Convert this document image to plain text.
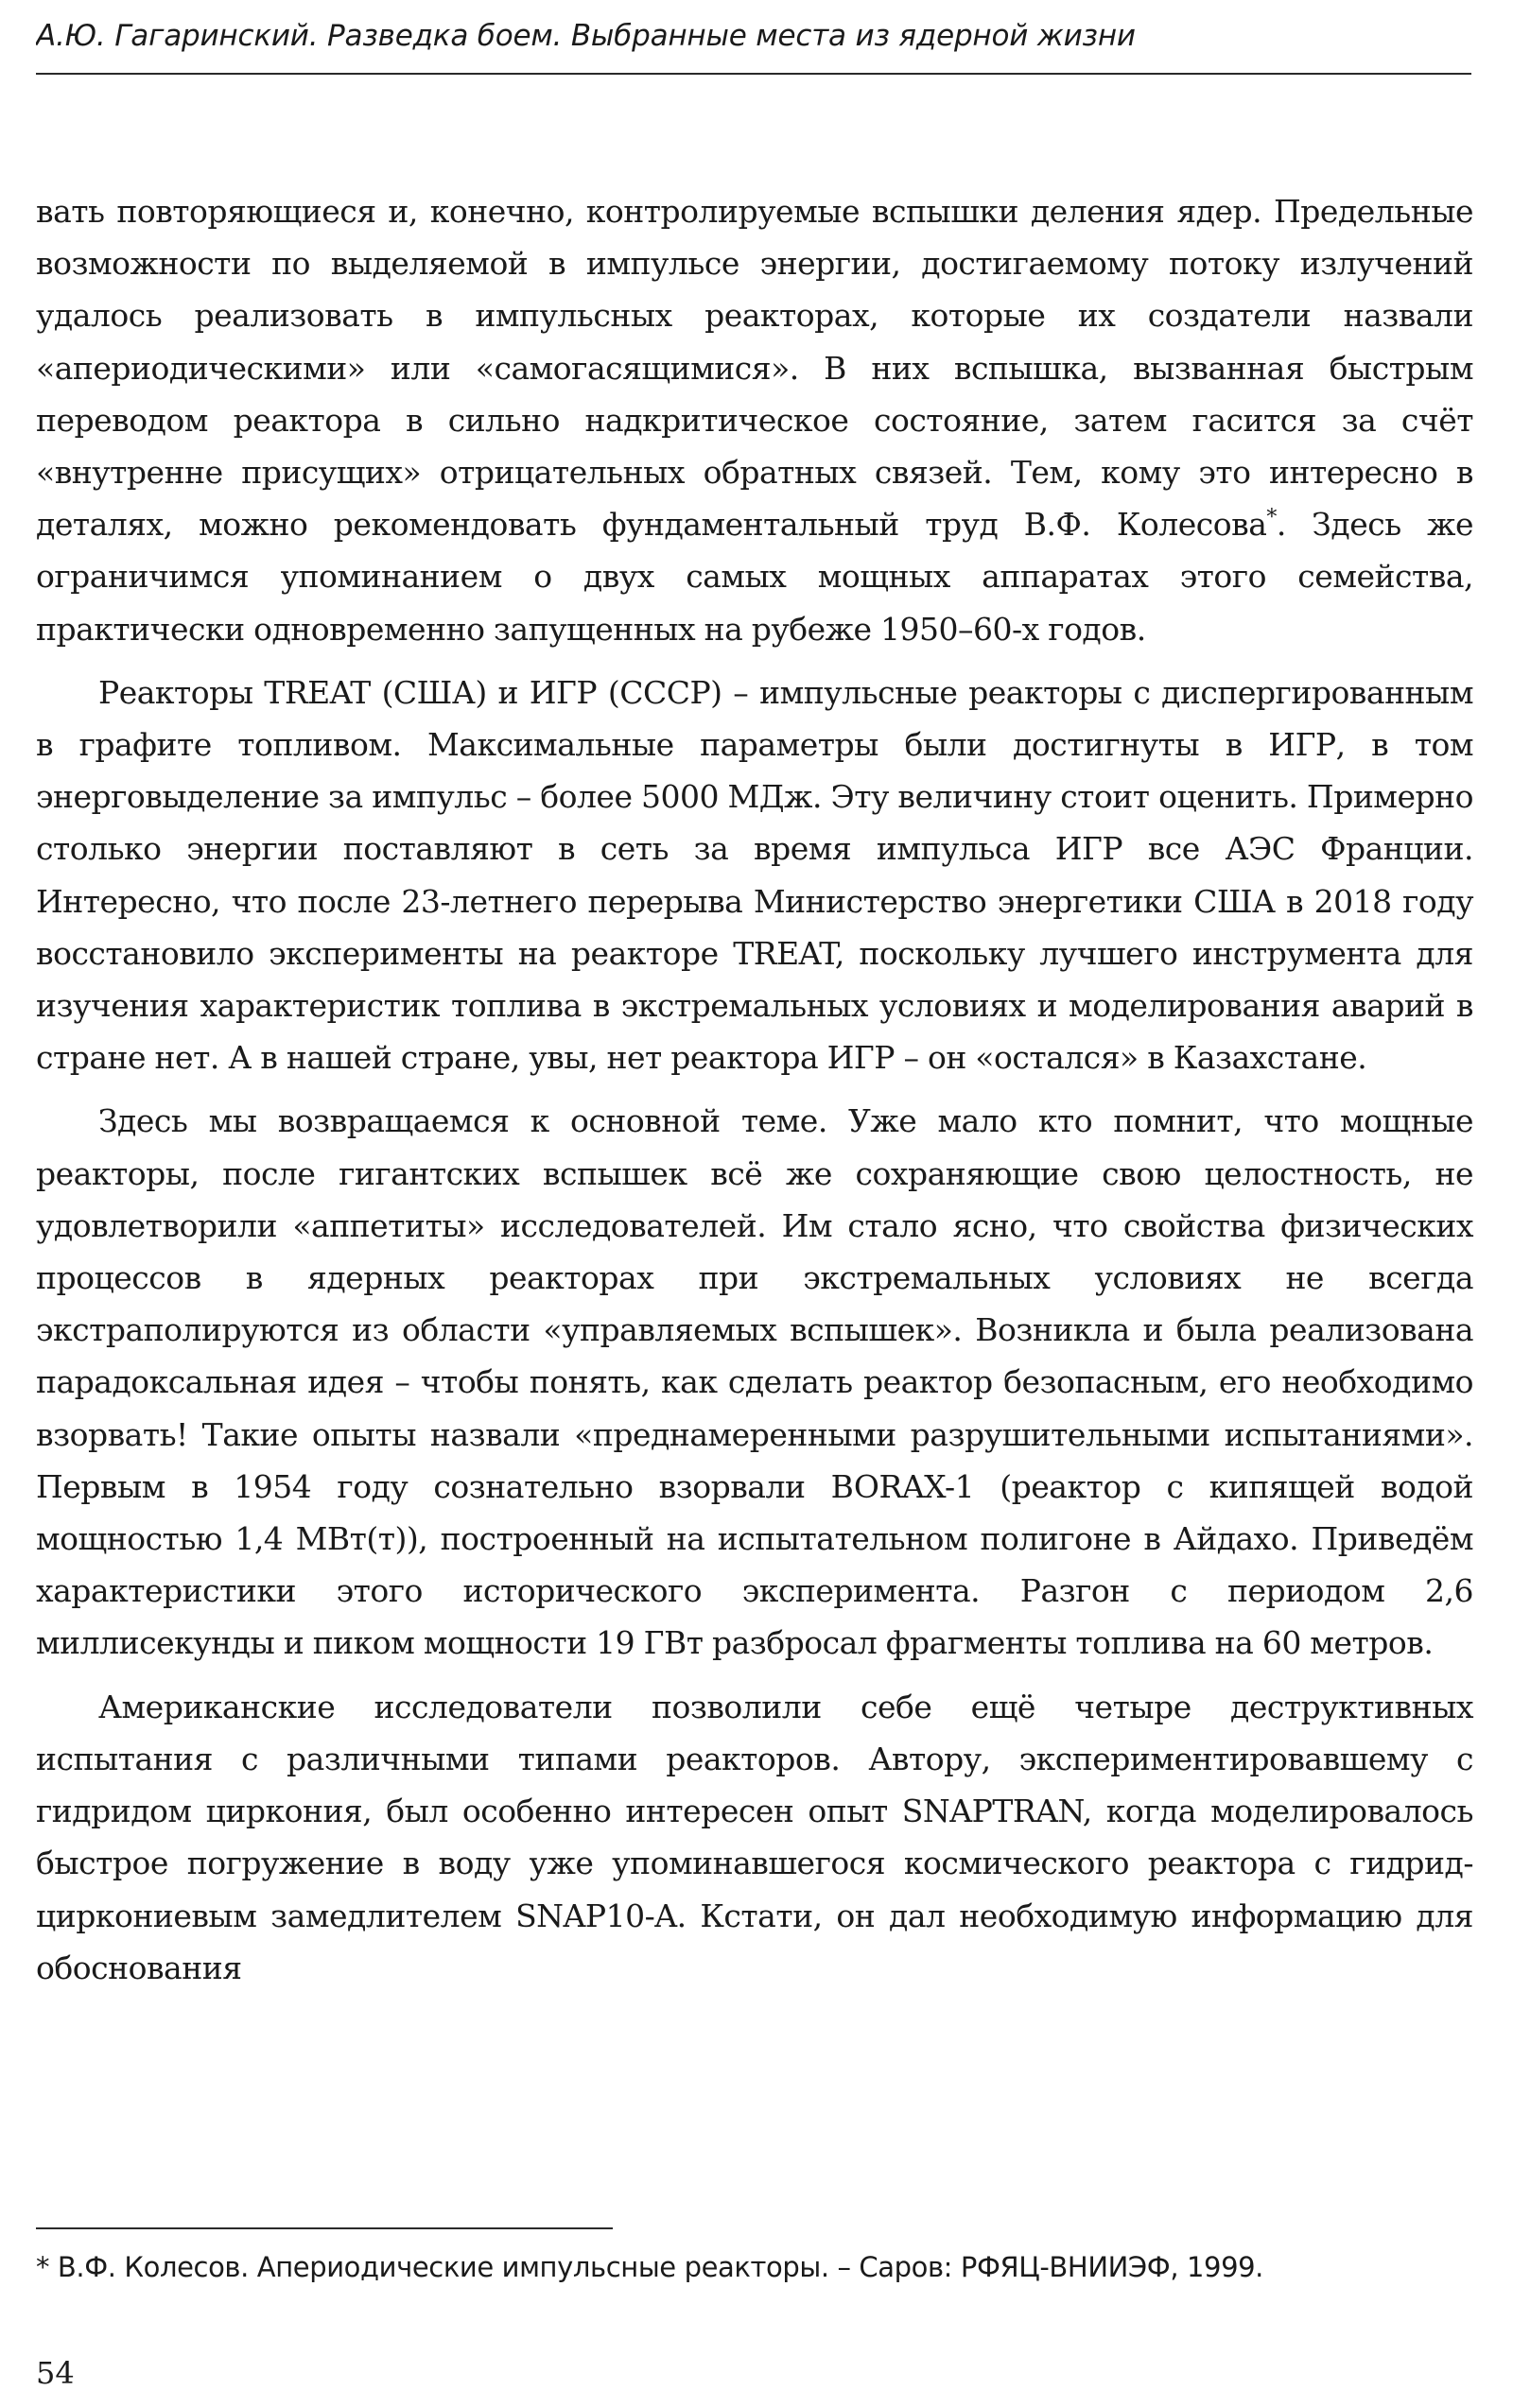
А.Ю. Гагаринский. Разведка боем. Выбранные места из ядерной жизни

вать повторяющиеся и, конечно, контролируемые вспышки деления ядер. Предельные возможности по выделяемой в импульсе энергии, достигаемому потоку излучений удалось реализовать в импульсных реакторах, которые их создатели назвали «апериодическими» или «самогасящимися». В них вспышка, вызванная быстрым переводом реактора в сильно надкритическое состояние, затем гасится за счёт «внутренне присущих» отрицательных обратных связей. Тем, кому это интересно в деталях, можно рекомендовать фундаментальный труд В.Ф. Колесова*. Здесь же ограничимся упоминанием о двух самых мощных аппаратах этого семейства, практически одновременно запущенных на рубеже 1950–60-х годов.

Реакторы TREAT (США) и ИГР (СССР) – импульсные реакторы с диспергированным в графите топливом. Максимальные параметры были достигнуты в ИГР, в том энерговыделение за импульс – более 5000 МДж. Эту величину стоит оценить. Примерно столько энергии поставляют в сеть за время импульса ИГР все АЭС Франции. Интересно, что после 23-летнего перерыва Министерство энергетики США в 2018 году восстановило эксперименты на реакторе TREAT, поскольку лучшего инструмента для изучения характеристик топлива в экстремальных условиях и моделирования аварий в стране нет. А в нашей стране, увы, нет реактора ИГР – он «остался» в Казахстане.

Здесь мы возвращаемся к основной теме. Уже мало кто помнит, что мощные реакторы, после гигантских вспышек всё же сохраняющие свою целостность, не удовлетворили «аппетиты» исследователей. Им стало ясно, что свойства физических процессов в ядерных реакторах при экстремальных условиях не всегда экстраполируются из области «управляемых вспышек». Возникла и была реализована парадоксальная идея – чтобы понять, как сделать реактор безопасным, его необходимо взорвать! Такие опыты назвали «преднамеренными разрушительными испытаниями». Первым в 1954 году сознательно взорвали BORAX-1 (реактор с кипящей водой мощностью 1,4 МВт(т)), построенный на испытательном полигоне в Айдахо. Приведём характеристики этого исторического эксперимента. Разгон с периодом 2,6 миллисекунды и пиком мощности 19 ГВт разбросал фрагменты топлива на 60 метров.

Американские исследователи позволили себе ещё четыре деструктивных испытания с различными типами реакторов. Автору, экспериментировавшему с гидридом циркония, был особенно интересен опыт SNAPTRAN, когда моделировалось быстрое погружение в воду уже упоминавшегося космического реактора с гидрид-циркониевым замедлителем SNAP10-A. Кстати, он дал необходимую информацию для обоснования

* В.Ф. Колесов. Апериодические импульсные реакторы. – Саров: РФЯЦ-ВНИИЭФ, 1999.
54
